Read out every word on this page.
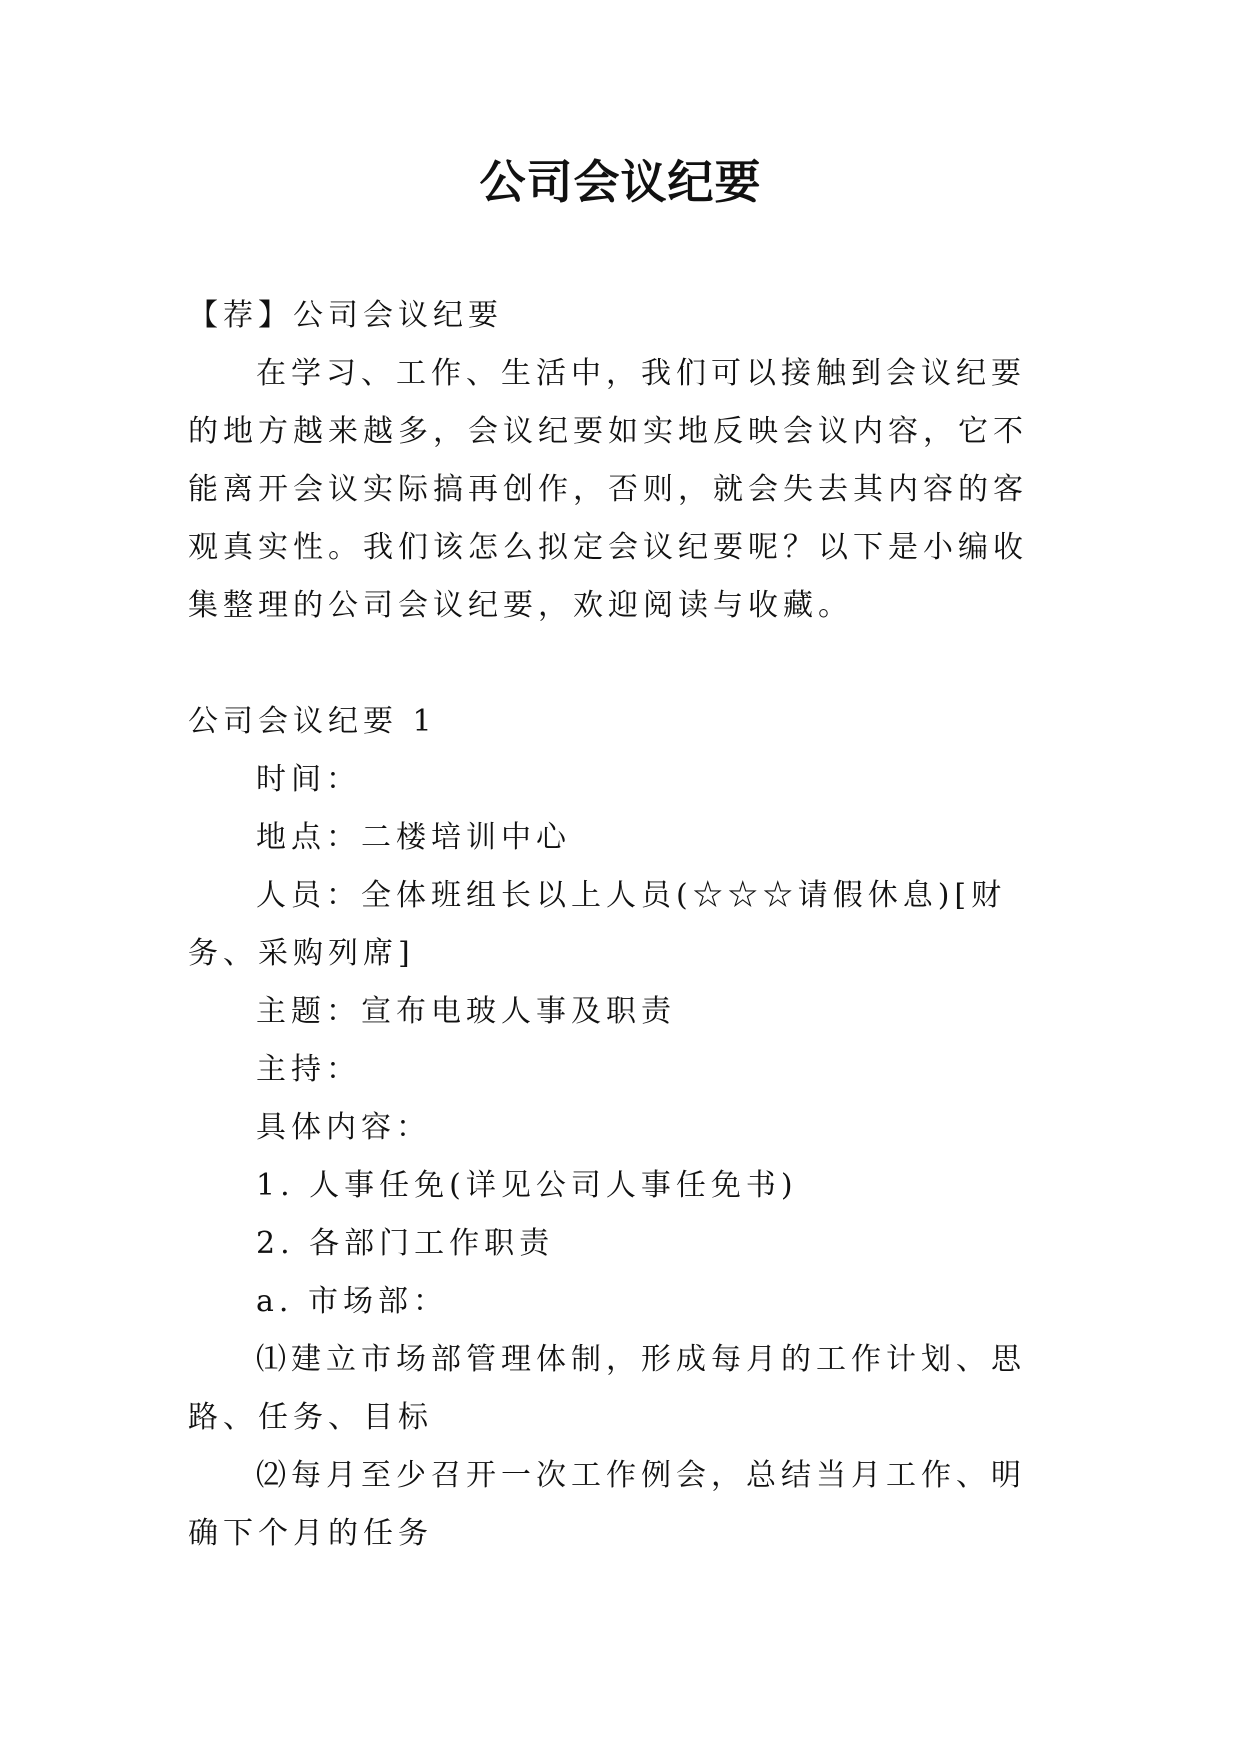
公司会议纪要

【荐】公司会议纪要

在学习、工作、生活中，我们可以接触到会议纪要的地方越来越多，会议纪要如实地反映会议内容，它不能离开会议实际搞再创作，否则，就会失去其内容的客观真实性。我们该怎么拟定会议纪要呢？以下是小编收集整理的公司会议纪要，欢迎阅读与收藏。

公司会议纪要 1

时间：

地点：二楼培训中心

人员：全体班组长以上人员(☆☆☆请假休息)[财务、采购列席]

主题：宣布电玻人事及职责

主持：

具体内容：

1. 人事任免(详见公司人事任免书)

2. 各部门工作职责

a. 市场部：

⑴建立市场部管理体制，形成每月的工作计划、思路、任务、目标

⑵每月至少召开一次工作例会，总结当月工作、明确下个月的任务
